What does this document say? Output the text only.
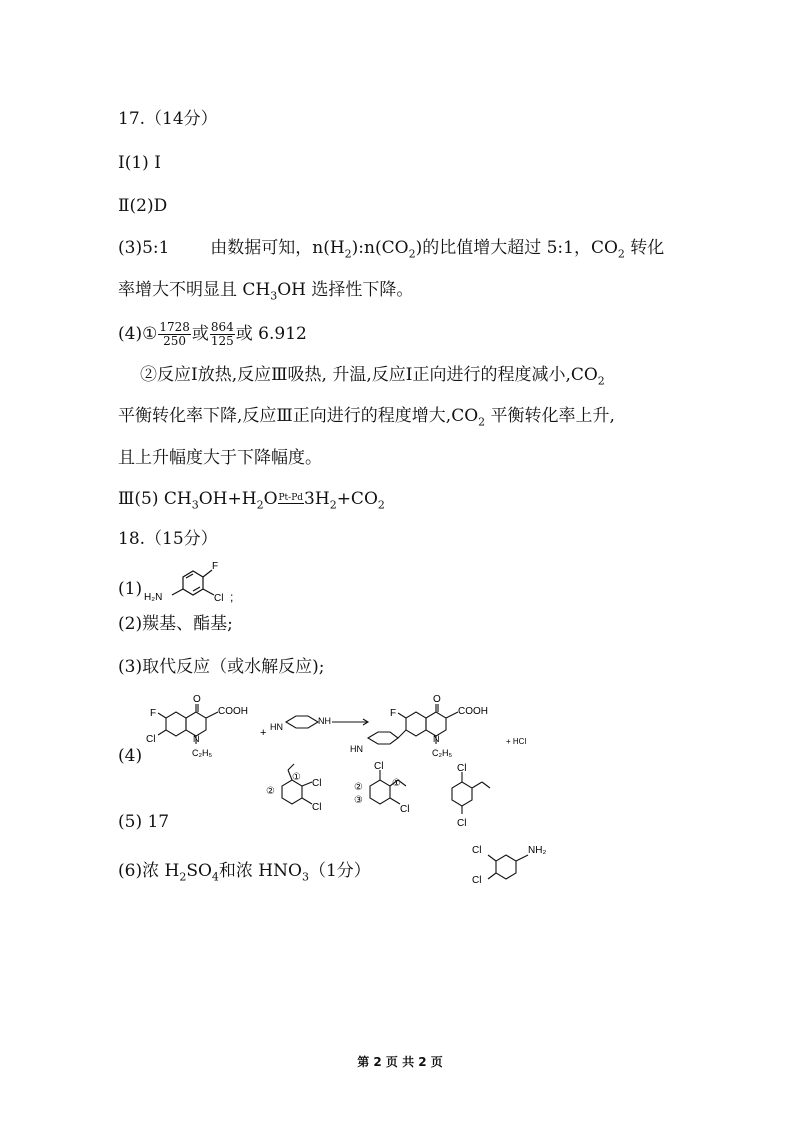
17.（14分）
Ⅰ(1) Ⅰ
Ⅱ(2)D
(3)5:1 由数据可知，$n(H_2):n(CO_2)$的比值增大超过 5:1，$CO_2$ 转化
率增大不明显且 $CH_3OH$ 选择性下降。
(4)① $\frac{1728}{250}$ 或 $\frac{864}{125}$ 或 6.912
②反应Ⅰ放热,反应Ⅲ吸热, 升温,反应Ⅰ正向进行的程度减小$,CO_2$
平衡转化率下降,反应Ⅲ正向进行的程度增大$,CO_2$ 平衡转化率上升,
且上升幅度大于下降幅度。
Ⅲ(5) $CH_3OH+H_2OPt-Pd3H_2+CO_2$
18.（15分）
(1) H₂N
F
Cl ;
(2)羰基、酯基;
(3)取代反应（或水解反应);
(4)
F
Cl
O
COOH
N
C₂H₅
+ HN
NH
F
O
COOH
N
C₂H₅
HN
+ HCl
(5) 17
①
②
Cl
Cl
Cl
①
②
③
Cl
Cl
Cl
(6)浓 $H_2SO_4$和浓 $HNO_3(1$分）
NH₂
Cl
Cl
第 2 页 共 2 页
